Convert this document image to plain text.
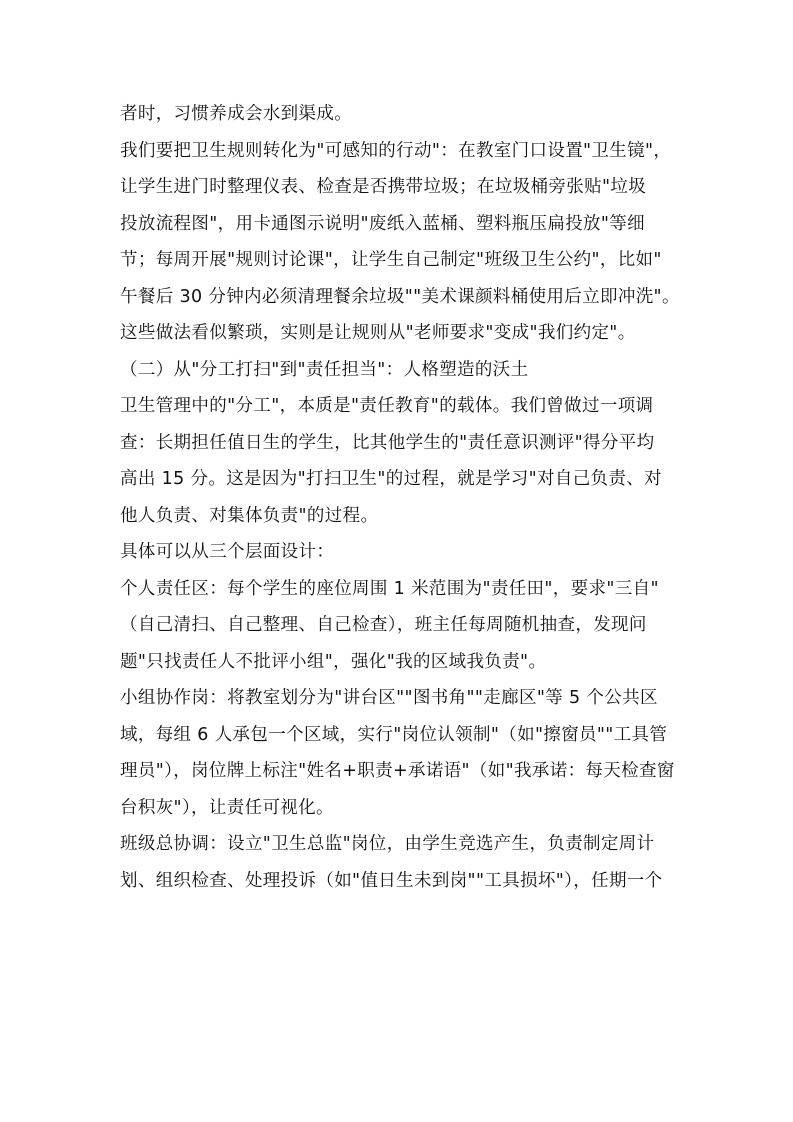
者时，习惯养成会水到渠成。
我们要把卫生规则转化为"可感知的行动"：在教室门口设置"卫生镜"，
让学生进门时整理仪表、检查是否携带垃圾；在垃圾桶旁张贴"垃圾
投放流程图"，用卡通图示说明"废纸入蓝桶、塑料瓶压扁投放"等细
节；每周开展"规则讨论课"，让学生自己制定"班级卫生公约"，比如"
午餐后 30 分钟内必须清理餐余垃圾""美术课颜料桶使用后立即冲洗"。
这些做法看似繁琐，实则是让规则从"老师要求"变成"我们约定"。
（二）从"分工打扫"到"责任担当"：人格塑造的沃土
卫生管理中的"分工"，本质是"责任教育"的载体。我们曾做过一项调
查：长期担任值日生的学生，比其他学生的"责任意识测评"得分平均
高出 15 分。这是因为"打扫卫生"的过程，就是学习"对自己负责、对
他人负责、对集体负责"的过程。
具体可以从三个层面设计：
个人责任区：每个学生的座位周围 1 米范围为"责任田"，要求"三自"
（自己清扫、自己整理、自己检查），班主任每周随机抽查，发现问
题"只找责任人不批评小组"，强化"我的区域我负责"。
小组协作岗：将教室划分为"讲台区""图书角""走廊区"等 5 个公共区
域，每组 6 人承包一个区域，实行"岗位认领制"（如"擦窗员""工具管
理员"），岗位牌上标注"姓名+职责+承诺语"（如"我承诺：每天检查窗
台积灰"），让责任可视化。
班级总协调：设立"卫生总监"岗位，由学生竞选产生，负责制定周计
划、组织检查、处理投诉（如"值日生未到岗""工具损坏"），任期一个
